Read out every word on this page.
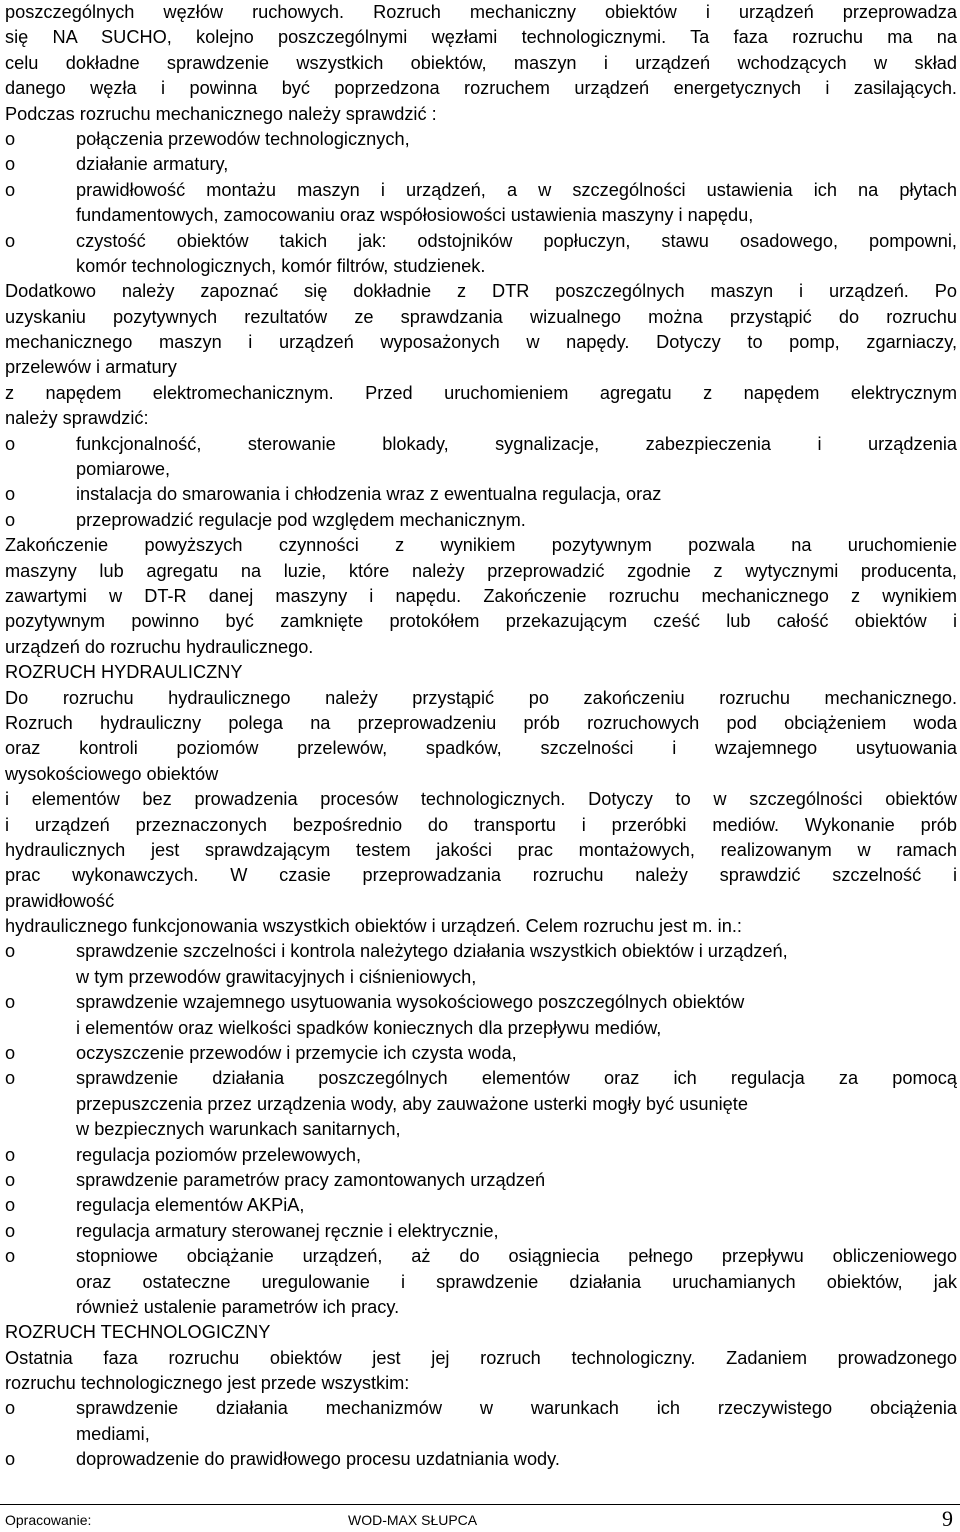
poszczególnych węzłów ruchowych. Rozruch mechaniczny obiektów i urządzeń przeprowadza
się NA SUCHO, kolejno poszczególnymi węzłami technologicznymi. Ta faza rozruchu ma na
celu dokładne sprawdzenie wszystkich obiektów, maszyn i urządzeń wchodzących w skład
danego węzła i powinna być poprzedzona rozruchem urządzeń energetycznych i zasilających.
Podczas rozruchu mechanicznego należy sprawdzić :
o	połączenia przewodów technologicznych,
o	działanie armatury,
o	prawidłowość montażu maszyn i urządzeń, a w szczególności ustawienia ich na płytach
fundamentowych, zamocowaniu oraz współosiowości ustawienia maszyny i napędu,
o	czystość obiektów takich jak: odstojników popłuczyn, stawu osadowego, pompowni,
komór technologicznych, komór filtrów, studzienek.
Dodatkowo należy zapoznać się dokładnie z DTR poszczególnych maszyn i urządzeń. Po
uzyskaniu pozytywnych rezultatów ze sprawdzania wizualnego można przystąpić do rozruchu
mechanicznego maszyn i urządzeń wyposażonych w napędy. Dotyczy to pomp, zgarniaczy,
przelewów i armatury
z napędem elektromechanicznym. Przed uruchomieniem agregatu z napędem elektrycznym
należy sprawdzić:
o	funkcjonalność, sterowanie blokady, sygnalizacje, zabezpieczenia i urządzenia
pomiarowe,
o	instalacja do smarowania i chłodzenia wraz z ewentualna regulacja, oraz
o	przeprowadzić regulacje pod względem mechanicznym.
Zakończenie powyższych czynności z wynikiem pozytywnym pozwala na uruchomienie
maszyny lub agregatu na luzie, które należy przeprowadzić zgodnie z wytycznymi producenta,
zawartymi w DT-R danej maszyny i napędu. Zakończenie rozruchu mechanicznego z wynikiem
pozytywnym powinno być zamknięte protokółem przekazującym cześć lub całość obiektów i
urządzeń do rozruchu hydraulicznego.
ROZRUCH HYDRAULICZNY
Do rozruchu hydraulicznego należy przystąpić po zakończeniu rozruchu mechanicznego.
Rozruch hydrauliczny polega na przeprowadzeniu prób rozruchowych pod obciążeniem woda
oraz kontroli poziomów przelewów, spadków, szczelności i wzajemnego usytuowania
wysokościowego obiektów
i elementów bez prowadzenia procesów technologicznych. Dotyczy to w szczególności obiektów
i urządzeń przeznaczonych bezpośrednio do transportu i przeróbki mediów. Wykonanie prób
hydraulicznych jest sprawdzającym testem jakości prac montażowych, realizowanym w ramach
prac wykonawczych. W czasie przeprowadzania rozruchu należy sprawdzić szczelność i
prawidłowość
hydraulicznego funkcjonowania wszystkich obiektów i urządzeń. Celem rozruchu jest m. in.:
o	sprawdzenie szczelności i kontrola należytego działania wszystkich obiektów i urządzeń,
w tym przewodów grawitacyjnych i ciśnieniowych,
o	sprawdzenie wzajemnego usytuowania wysokościowego poszczególnych obiektów
i elementów oraz wielkości spadków koniecznych dla przepływu mediów,
o	oczyszczenie przewodów i przemycie ich czysta woda,
o	sprawdzenie działania poszczególnych elementów oraz ich regulacja za pomocą
przepuszczenia przez urządzenia wody, aby zauważone usterki mogły być usunięte
w bezpiecznych warunkach sanitarnych,
o	regulacja poziomów przelewowych,
o	sprawdzenie parametrów pracy zamontowanych urządzeń
o	regulacja elementów AKPiA,
o	regulacja armatury sterowanej ręcznie i elektrycznie,
o	stopniowe obciążanie urządzeń, aż do osiągniecia pełnego przepływu obliczeniowego
oraz ostateczne uregulowanie i sprawdzenie działania uruchamianych obiektów, jak
również ustalenie parametrów ich pracy.
ROZRUCH TECHNOLOGICZNY
Ostatnia faza rozruchu obiektów jest jej rozruch technologiczny. Zadaniem prowadzonego
rozruchu technologicznego jest przede wszystkim:
o	sprawdzenie działania mechanizmów w warunkach ich rzeczywistego obciążenia
mediami,
o	doprowadzenie do prawidłowego procesu uzdatniania wody.
Opracowanie:	WOD-MAX SŁUPCA	9
